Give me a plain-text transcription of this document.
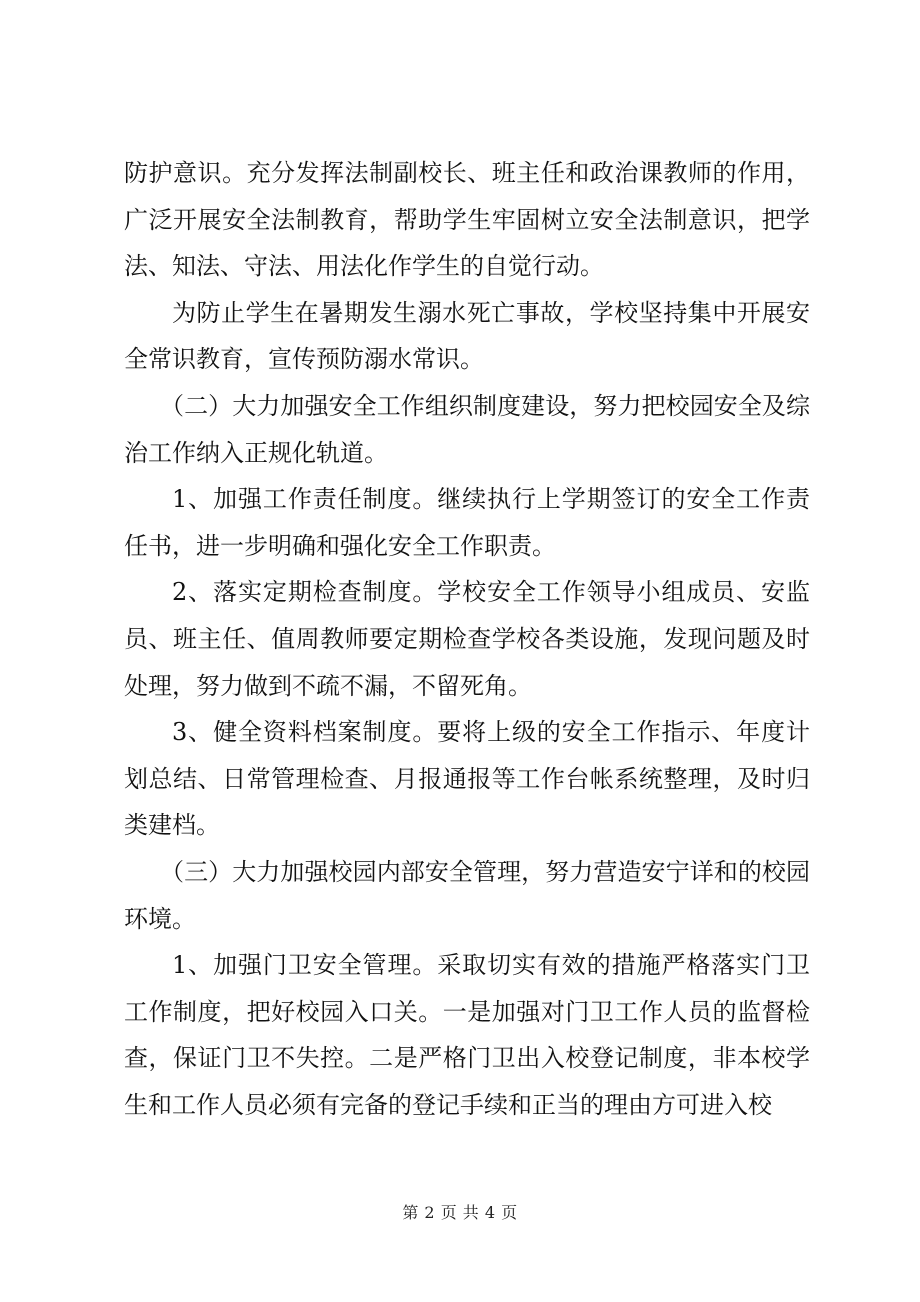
防护意识。充分发挥法制副校长、班主任和政治课教师的作用，广泛开展安全法制教育，帮助学生牢固树立安全法制意识，把学法、知法、守法、用法化作学生的自觉行动。

为防止学生在暑期发生溺水死亡事故，学校坚持集中开展安全常识教育，宣传预防溺水常识。

（二）大力加强安全工作组织制度建设，努力把校园安全及综治工作纳入正规化轨道。

1、加强工作责任制度。继续执行上学期签订的安全工作责任书，进一步明确和强化安全工作职责。

2、落实定期检查制度。学校安全工作领导小组成员、安监员、班主任、值周教师要定期检查学校各类设施，发现问题及时处理，努力做到不疏不漏，不留死角。

3、健全资料档案制度。要将上级的安全工作指示、年度计划总结、日常管理检查、月报通报等工作台帐系统整理，及时归类建档。

（三）大力加强校园内部安全管理，努力营造安宁详和的校园环境。

1、加强门卫安全管理。采取切实有效的措施严格落实门卫工作制度，把好校园入口关。一是加强对门卫工作人员的监督检查，保证门卫不失控。二是严格门卫出入校登记制度，非本校学生和工作人员必须有完备的登记手续和正当的理由方可进入校

第 2 页 共 4 页
